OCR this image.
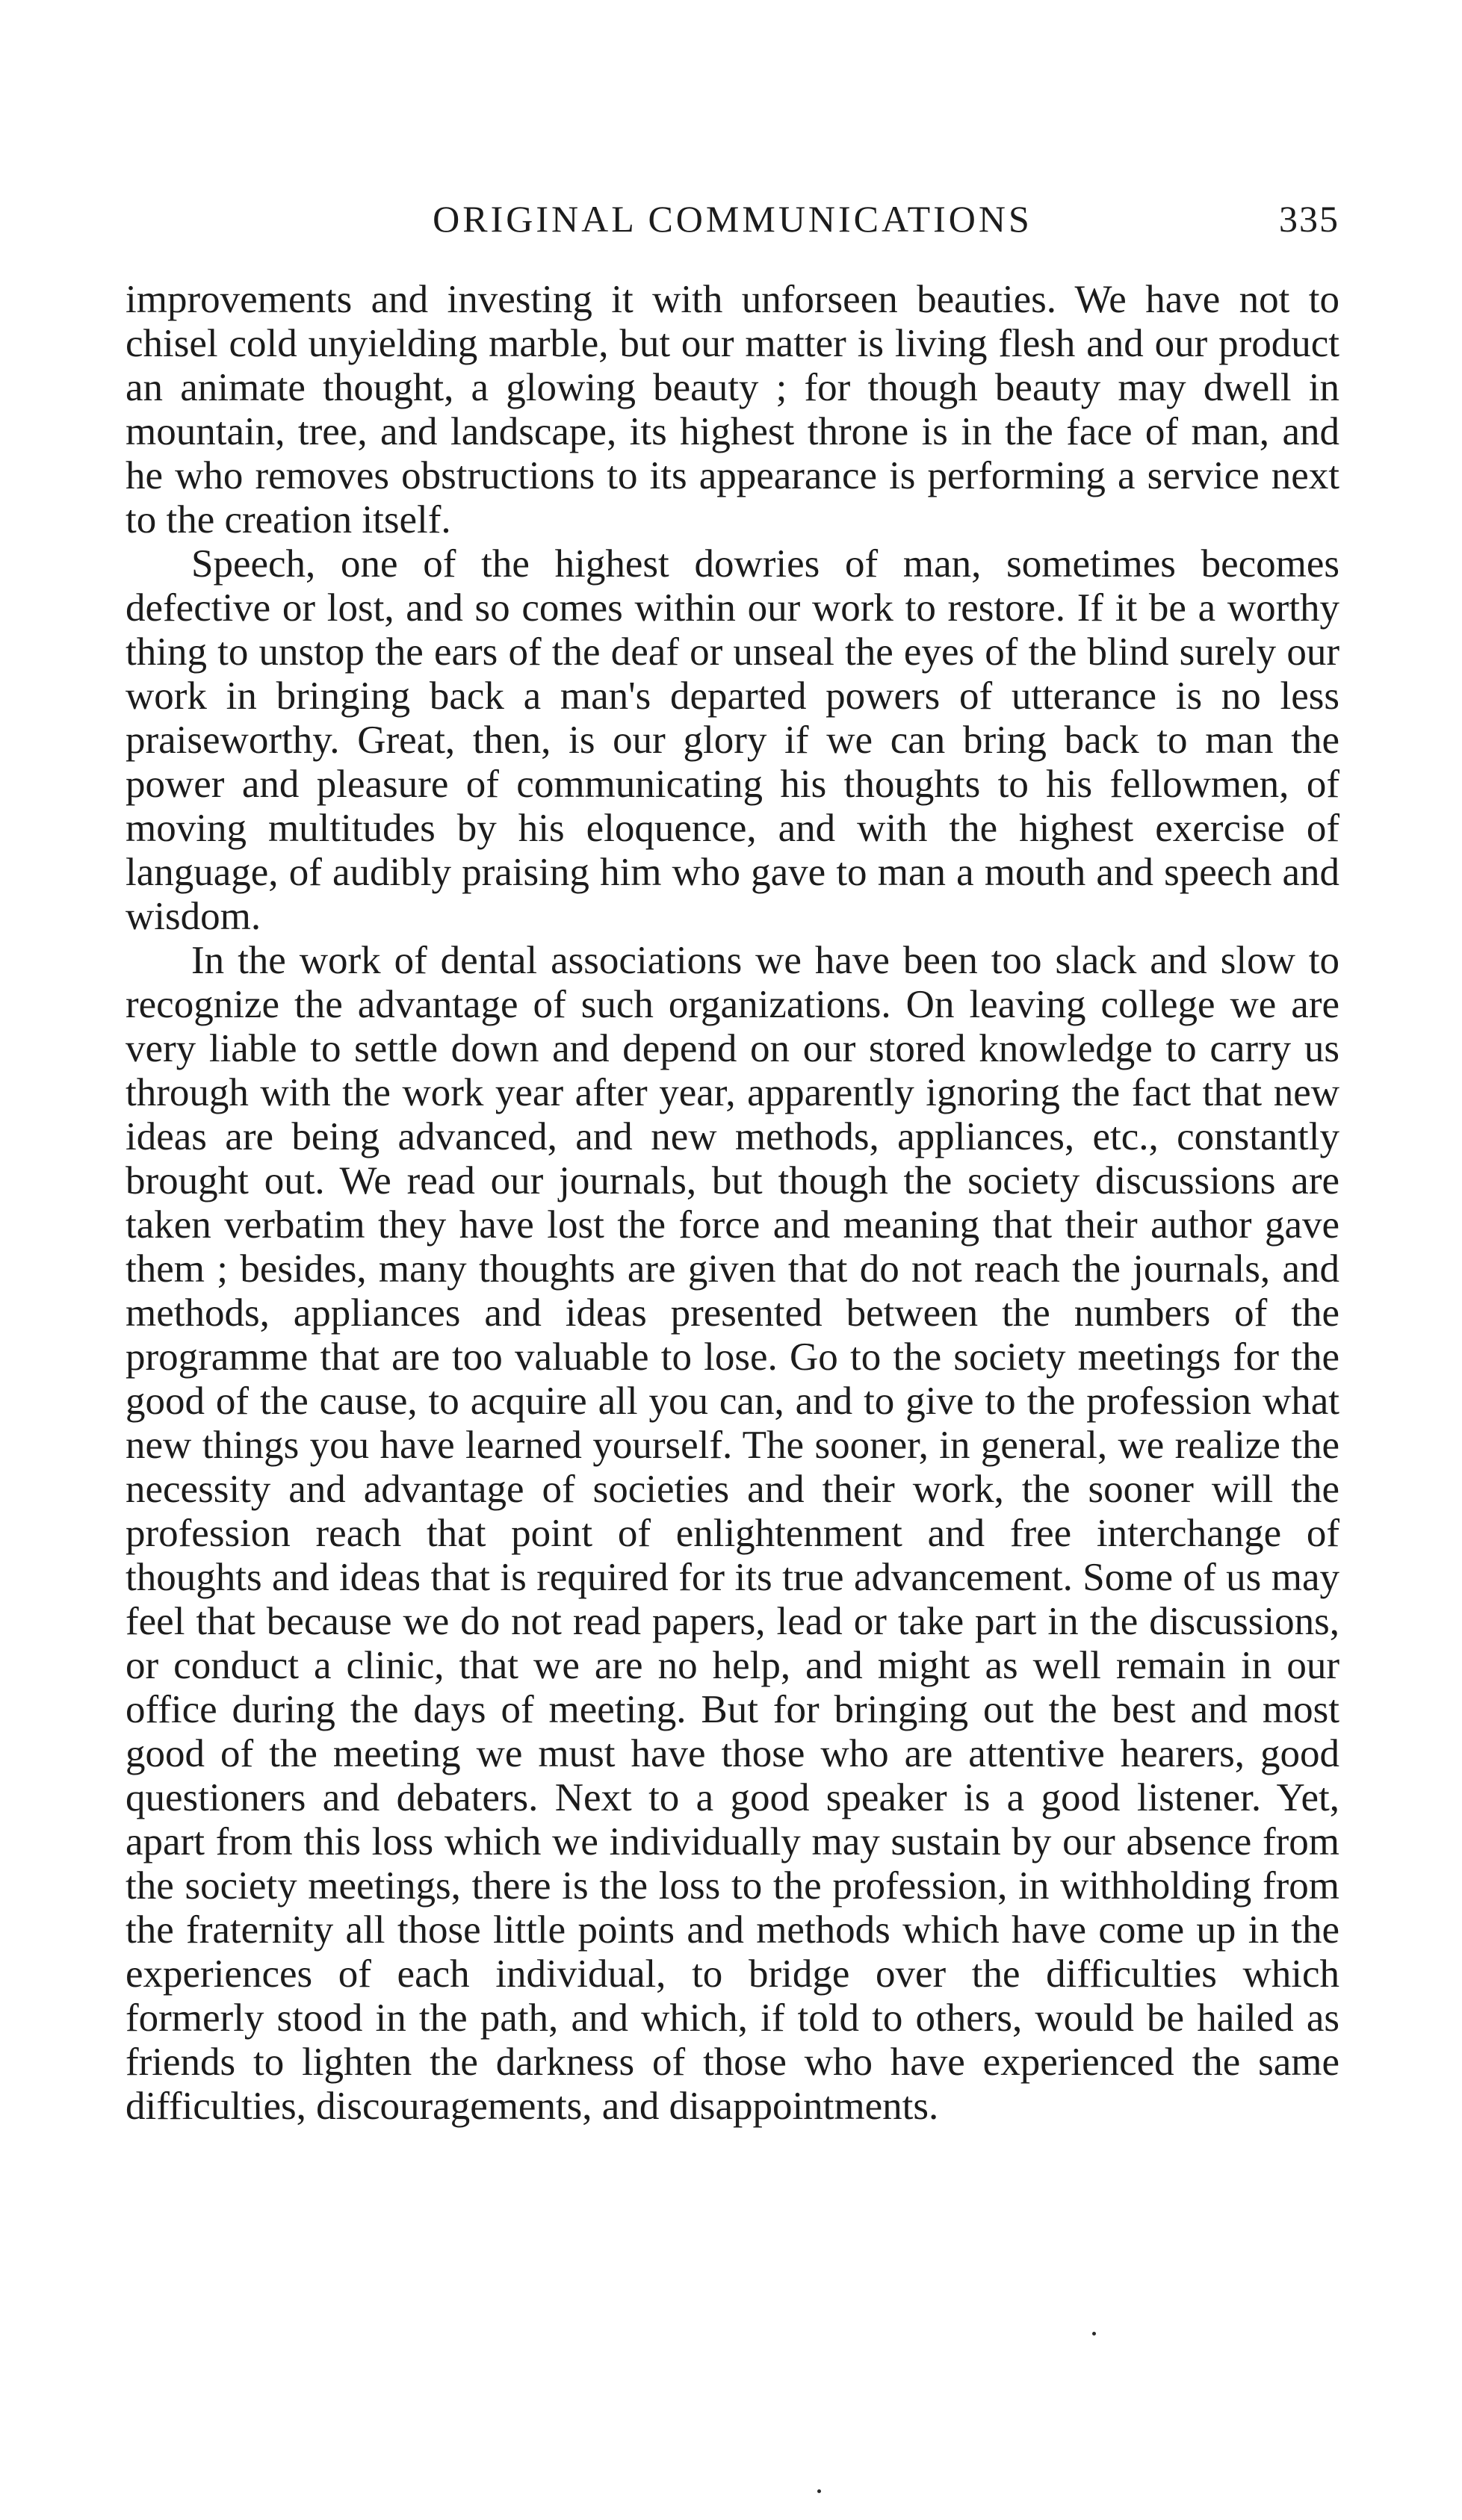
ORIGINAL COMMUNICATIONS	335

improvements and investing it with unforseen beauties. We have not to chisel cold unyielding marble, but our matter is living flesh and our product an animate thought, a glowing beauty ; for though beauty may dwell in mountain, tree, and landscape, its highest throne is in the face of man, and he who removes obstructions to its appearance is performing a service next to the creation itself.

Speech, one of the highest dowries of man, sometimes becomes defective or lost, and so comes within our work to restore. If it be a worthy thing to unstop the ears of the deaf or unseal the eyes of the blind surely our work in bringing back a man's departed powers of utterance is no less praiseworthy. Great, then, is our glory if we can bring back to man the power and pleasure of communicating his thoughts to his fellowmen, of moving multitudes by his eloquence, and with the highest exercise of language, of audibly praising him who gave to man a mouth and speech and wisdom.

In the work of dental associations we have been too slack and slow to recognize the advantage of such organizations. On leaving college we are very liable to settle down and depend on our stored knowledge to carry us through with the work year after year, apparently ignoring the fact that new ideas are being advanced, and new methods, appliances, etc., constantly brought out. We read our journals, but though the society discussions are taken verbatim they have lost the force and meaning that their author gave them ; besides, many thoughts are given that do not reach the journals, and methods, appliances and ideas presented between the numbers of the programme that are too valuable to lose. Go to the society meetings for the good of the cause, to acquire all you can, and to give to the profession what new things you have learned yourself. The sooner, in general, we realize the necessity and advantage of societies and their work, the sooner will the profession reach that point of enlightenment and free interchange of thoughts and ideas that is required for its true advancement. Some of us may feel that because we do not read papers, lead or take part in the discussions, or conduct a clinic, that we are no help, and might as well remain in our office during the days of meeting. But for bringing out the best and most good of the meeting we must have those who are attentive hearers, good questioners and debaters. Next to a good speaker is a good listener. Yet, apart from this loss which we individually may sustain by our absence from the society meetings, there is the loss to the profession, in withholding from the fraternity all those little points and methods which have come up in the experiences of each individual, to bridge over the difficulties which formerly stood in the path, and which, if told to others, would be hailed as friends to lighten the darkness of those who have experienced the same difficulties, discouragements, and disappointments.
